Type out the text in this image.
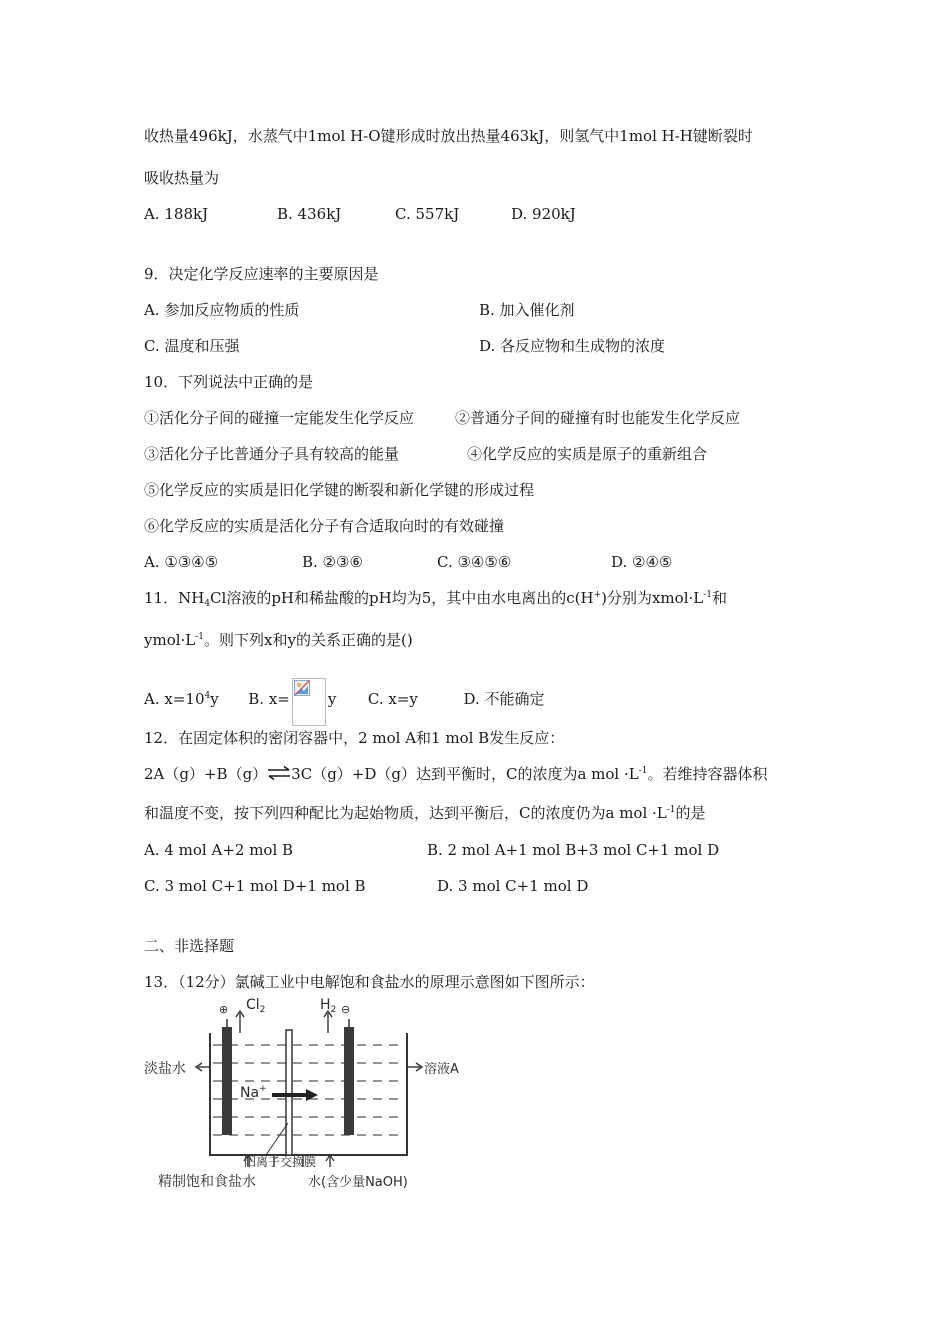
收热量496kJ，水蒸气中1mol H-O键形成时放出热量463kJ，则氢气中1mol H-H键断裂时
吸收热量为
A. 188kJ	B. 436kJ	C. 557kJ	D. 920kJ
9．决定化学反应速率的主要原因是
A. 参加反应物质的性质	B. 加入催化剂
C. 温度和压强	D. 各反应物和生成物的浓度
10．下列说法中正确的是
①活化分子间的碰撞一定能发生化学反应	②普通分子间的碰撞有时也能发生化学反应
③活化分子比普通分子具有较高的能量	④化学反应的实质是原子的重新组合
⑤化学反应的实质是旧化学键的断裂和新化学键的形成过程
⑥化学反应的实质是活化分子有合适取向时的有效碰撞
A. ①③④⑤	B. ②③⑥	C. ③④⑤⑥	D. ②④⑤
11．$NH_4Cl$溶液的pH和稀盐酸的pH均为5，其中由水电离出的c(H+)分别为$xmol\cdot L^{-1}$和
$ymol\cdot L^{-1}$。则下列x和y的关系正确的是()
A. $x=10^4y$ B. x=	y C. x=y	D. 不能确定
12．在固定体积的密闭容器中，2 mol A和1 mol B发生反应：
2A（g）+B（g）⇌3C（g）+D（g）达到平衡时，C的浓度为a mol $\cdot L^{-1}$。若维持容器体积
和温度不变，按下列四种配比为起始物质，达到平衡后，C的浓度仍为a mol $\cdot L^{-1}$的是
A. 4 mol A+2 mol B	B. 2 mol A+1 mol B+3 mol C+1 mol D
C. 3 mol C+1 mol D+1 mol B	D. 3 mol C+1 mol D
二、非选择题
13．（12分）氯碱工业中电解饱和食盐水的原理示意图如下图所示：
⊕	⊖
$Cl_2$	$H_2$
淡盐水	溶液A
Na+
阳离子交换膜
精制饱和食盐水	水(含少量NaOH)
